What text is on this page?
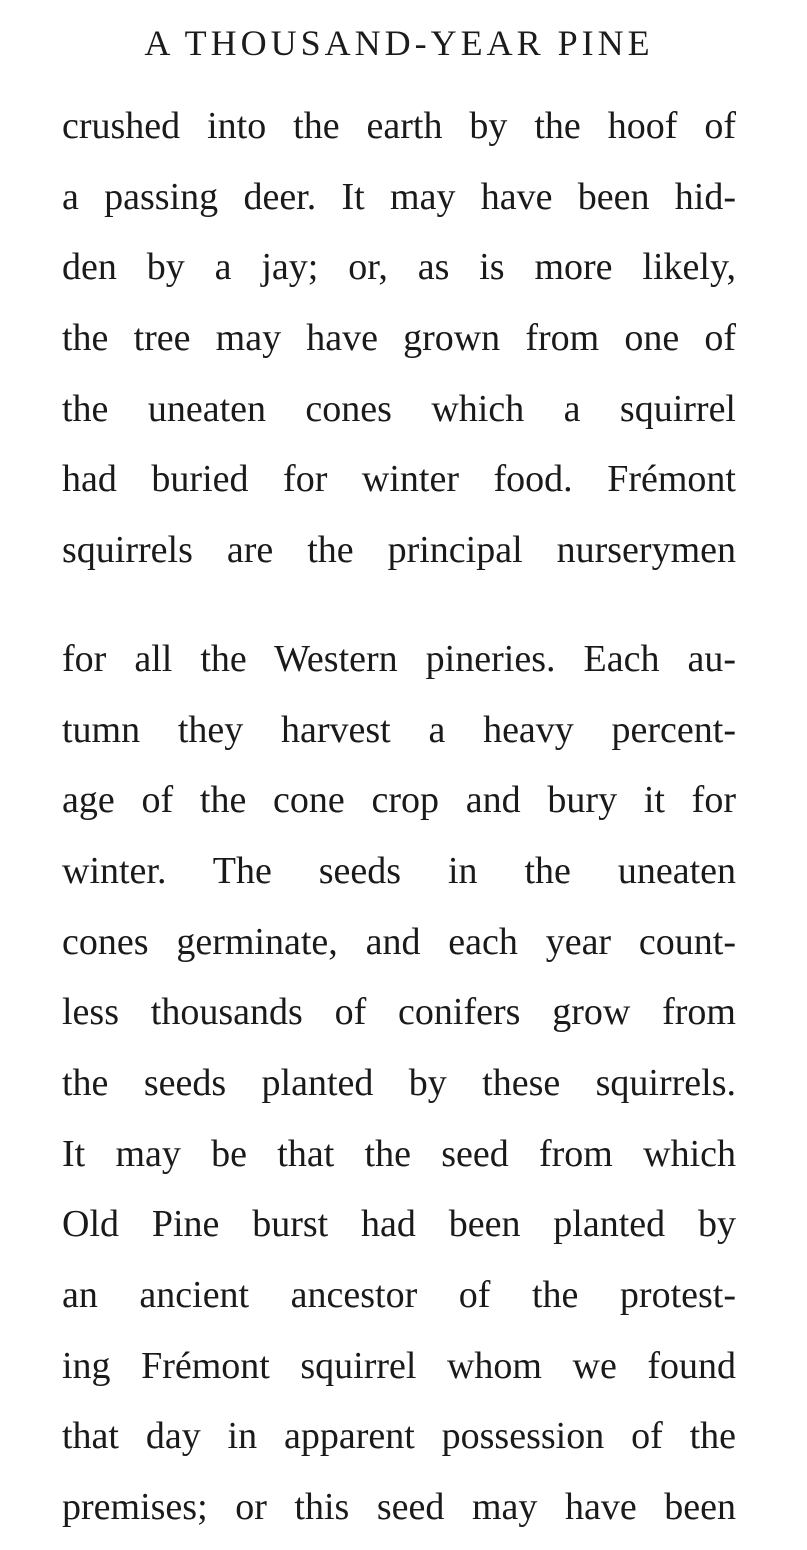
A THOUSAND-YEAR PINE
crushed into the earth by the hoof of
a passing deer. It may have been hid-
den by a jay; or, as is more likely,
the tree may have grown from one of
the uneaten cones which a squirrel
had buried for winter food. Frémont
squirrels are the principal nurserymen
for all the Western pineries. Each au-
tumn they harvest a heavy percent-
age of the cone crop and bury it for
winter. The seeds in the uneaten
cones germinate, and each year count-
less thousands of conifers grow from
the seeds planted by these squirrels.
It may be that the seed from which
Old Pine burst had been planted by
an ancient ancestor of the protest-
ing Frémont squirrel whom we found
that day in apparent possession of the
premises; or this seed may have been
